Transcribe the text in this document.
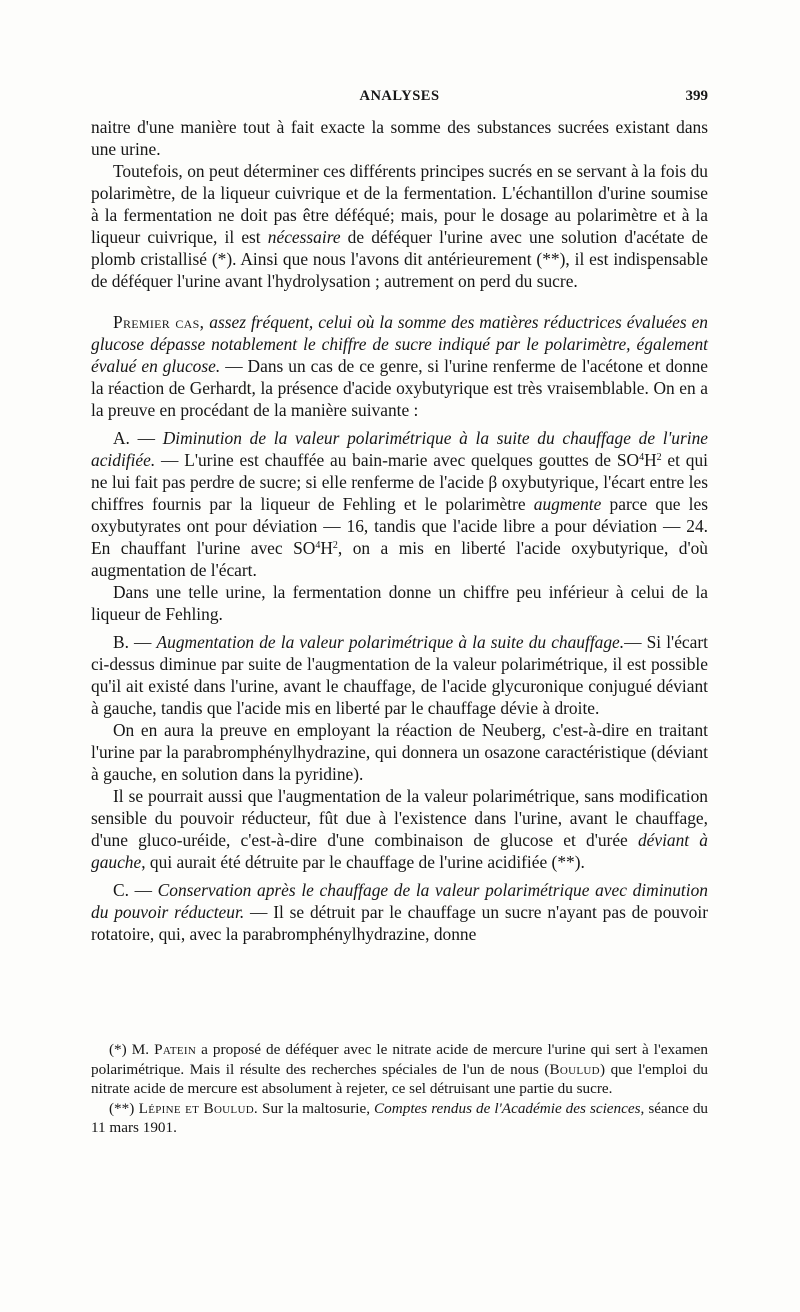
ANALYSES	399

naitre d'une manière tout à fait exacte la somme des substances sucrées existant dans une urine.

Toutefois, on peut déterminer ces différents principes sucrés en se servant à la fois du polarimètre, de la liqueur cuivrique et de la fermentation. L'échantillon d'urine soumise à la fermentation ne doit pas être déféqué; mais, pour le dosage au polarimètre et à la liqueur cuivrique, il est nécessaire de déféquer l'urine avec une solution d'acétate de plomb cristallisé (*). Ainsi que nous l'avons dit antérieurement (**), il est indispensable de déféquer l'urine avant l'hydrolysation ; autrement on perd du sucre.

Premier cas, assez fréquent, celui où la somme des matières réductrices évaluées en glucose dépasse notablement le chiffre de sucre indiqué par le polarimètre, également évalué en glucose. — Dans un cas de ce genre, si l'urine renferme de l'acétone et donne la réaction de Gerhardt, la présence d'acide oxybutyrique est très vraisemblable. On en a la preuve en procédant de la manière suivante :

A. — Diminution de la valeur polarimétrique à la suite du chauffage de l'urine acidifiée. — L'urine est chauffée au bain-marie avec quelques gouttes de $SO^4H^2$ et qui ne lui fait pas perdre de sucre; si elle renferme de l'acide β oxybutyrique, l'écart entre les chiffres fournis par la liqueur de Fehling et le polarimètre augmente parce que les oxybutyrates ont pour déviation — 16, tandis que l'acide libre a pour déviation — 24. En chauffant l'urine avec $SO^4H^2$, on a mis en liberté l'acide oxybutyrique, d'où augmentation de l'écart.

Dans une telle urine, la fermentation donne un chiffre peu inférieur à celui de la liqueur de Fehling.

B. — Augmentation de la valeur polarimétrique à la suite du chauffage.— Si l'écart ci-dessus diminue par suite de l'augmentation de la valeur polarimétrique, il est possible qu'il ait existé dans l'urine, avant le chauffage, de l'acide glycuronique conjugué déviant à gauche, tandis que l'acide mis en liberté par le chauffage dévie à droite.

On en aura la preuve en employant la réaction de Neuberg, c'est-à-dire en traitant l'urine par la parabromphénylhydrazine, qui donnera un osazone caractéristique (déviant à gauche, en solution dans la pyridine).

Il se pourrait aussi que l'augmentation de la valeur polarimétrique, sans modification sensible du pouvoir réducteur, fût due à l'existence dans l'urine, avant le chauffage, d'une gluco-uréide, c'est-à-dire d'une combinaison de glucose et d'urée déviant à gauche, qui aurait été détruite par le chauffage de l'urine acidifiée (**).

C. — Conservation après le chauffage de la valeur polarimétrique avec diminution du pouvoir réducteur. — Il se détruit par le chauffage un sucre n'ayant pas de pouvoir rotatoire, qui, avec la parabromphénylhydrazine, donne

(*) M. Patein a proposé de déféquer avec le nitrate acide de mercure l'urine qui sert à l'examen polarimétrique. Mais il résulte des recherches spéciales de l'un de nous (Boulud) que l'emploi du nitrate acide de mercure est absolument à rejeter, ce sel détruisant une partie du sucre.

(**) Lépine et Boulud. Sur la maltosurie, Comptes rendus de l'Académie des sciences, séance du 11 mars 1901.
